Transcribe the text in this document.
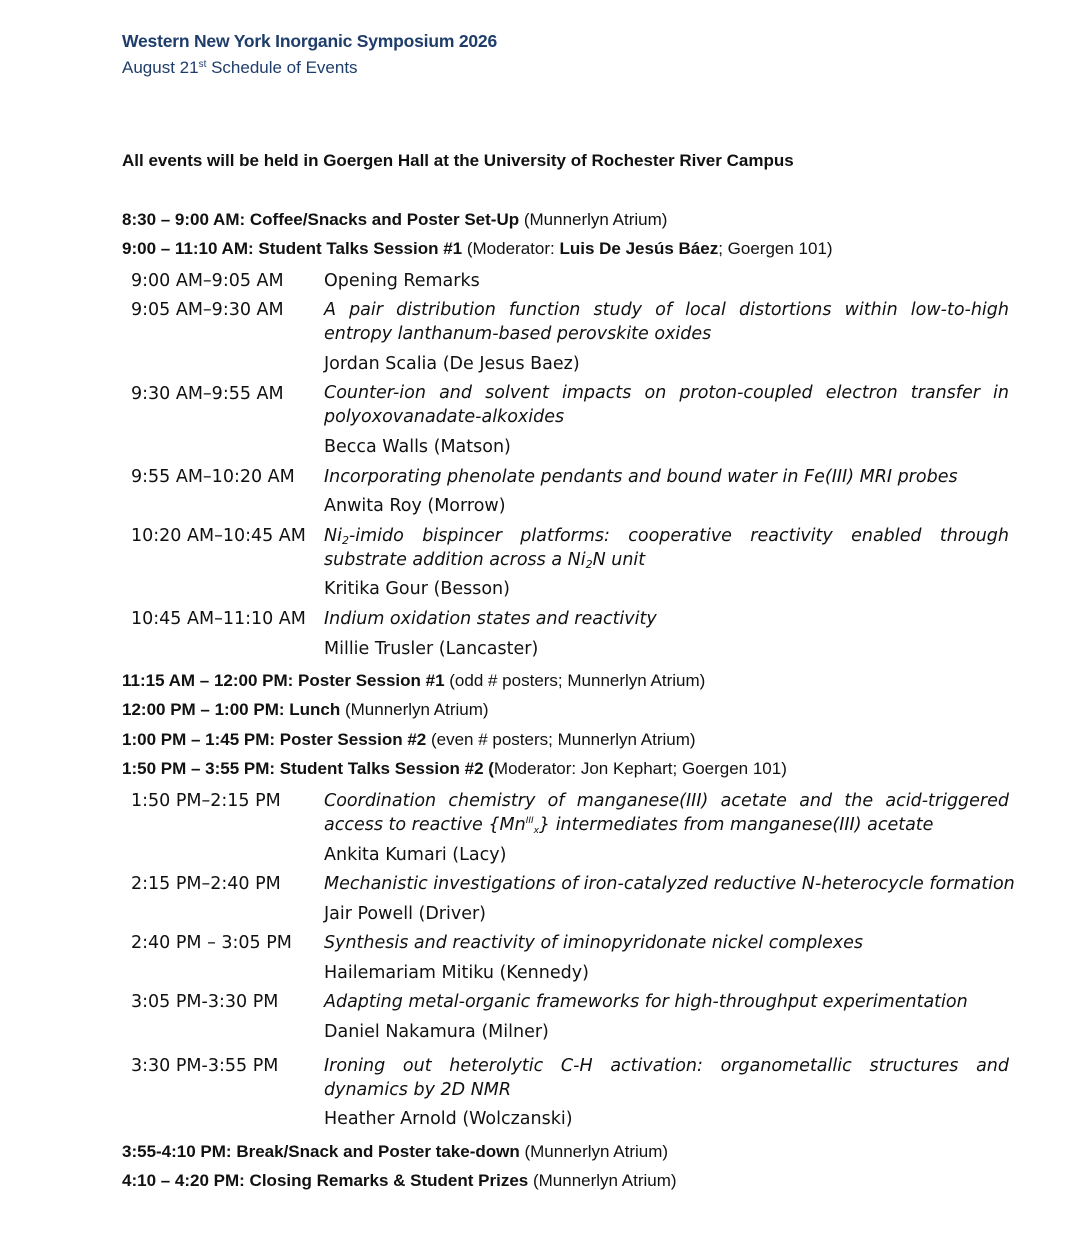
Western New York Inorganic Symposium 2026
August 21st Schedule of Events
All events will be held in Goergen Hall at the University of Rochester River Campus
8:30 – 9:00 AM: Coffee/Snacks and Poster Set-Up (Munnerlyn Atrium)
9:00 – 11:10 AM: Student Talks Session #1 (Moderator: Luis De Jesús Báez; Goergen 101)
9:00 AM–9:05 AM Opening Remarks
9:05 AM–9:30 AM A pair distribution function study of local distortions within low-to-high entropy lanthanum-based perovskite oxides
Jordan Scalia (De Jesus Baez)
9:30 AM–9:55 AM Counter-ion and solvent impacts on proton-coupled electron transfer in polyoxovanadate-alkoxides
Becca Walls (Matson)
9:55 AM–10:20 AM Incorporating phenolate pendants and bound water in Fe(III) MRI probes
Anwita Roy (Morrow)
10:20 AM–10:45 AM $Ni_2$-imido bispincer platforms: cooperative reactivity enabled through substrate addition across a $Ni_2N$ unit
Kritika Gour (Besson)
10:45 AM–11:10 AM Indium oxidation states and reactivity
Millie Trusler (Lancaster)
11:15 AM – 12:00 PM: Poster Session #1 (odd # posters; Munnerlyn Atrium)
12:00 PM – 1:00 PM: Lunch (Munnerlyn Atrium)
1:00 PM – 1:45 PM: Poster Session #2 (even # posters; Munnerlyn Atrium)
1:50 PM – 3:55 PM: Student Talks Session #2 (Moderator: Jon Kephart; Goergen 101)
1:50 PM–2:15 PM Coordination chemistry of manganese(III) acetate and the acid-triggered access to reactive $\{Mn^{III}_x\}$ intermediates from manganese(III) acetate
Ankita Kumari (Lacy)
2:15 PM–2:40 PM Mechanistic investigations of iron-catalyzed reductive N-heterocycle formation
Jair Powell (Driver)
2:40 PM – 3:05 PM Synthesis and reactivity of iminopyridonate nickel complexes
Hailemariam Mitiku (Kennedy)
3:05 PM-3:30 PM	Adapting metal-organic frameworks for high-throughput experimentation
Daniel Nakamura (Milner)
3:30 PM-3:55 PM	Ironing out heterolytic C-H activation: organometallic structures and dynamics by 2D NMR
Heather Arnold (Wolczanski)
3:55-4:10 PM: Break/Snack and Poster take-down (Munnerlyn Atrium)
4:10 – 4:20 PM: Closing Remarks & Student Prizes (Munnerlyn Atrium)
